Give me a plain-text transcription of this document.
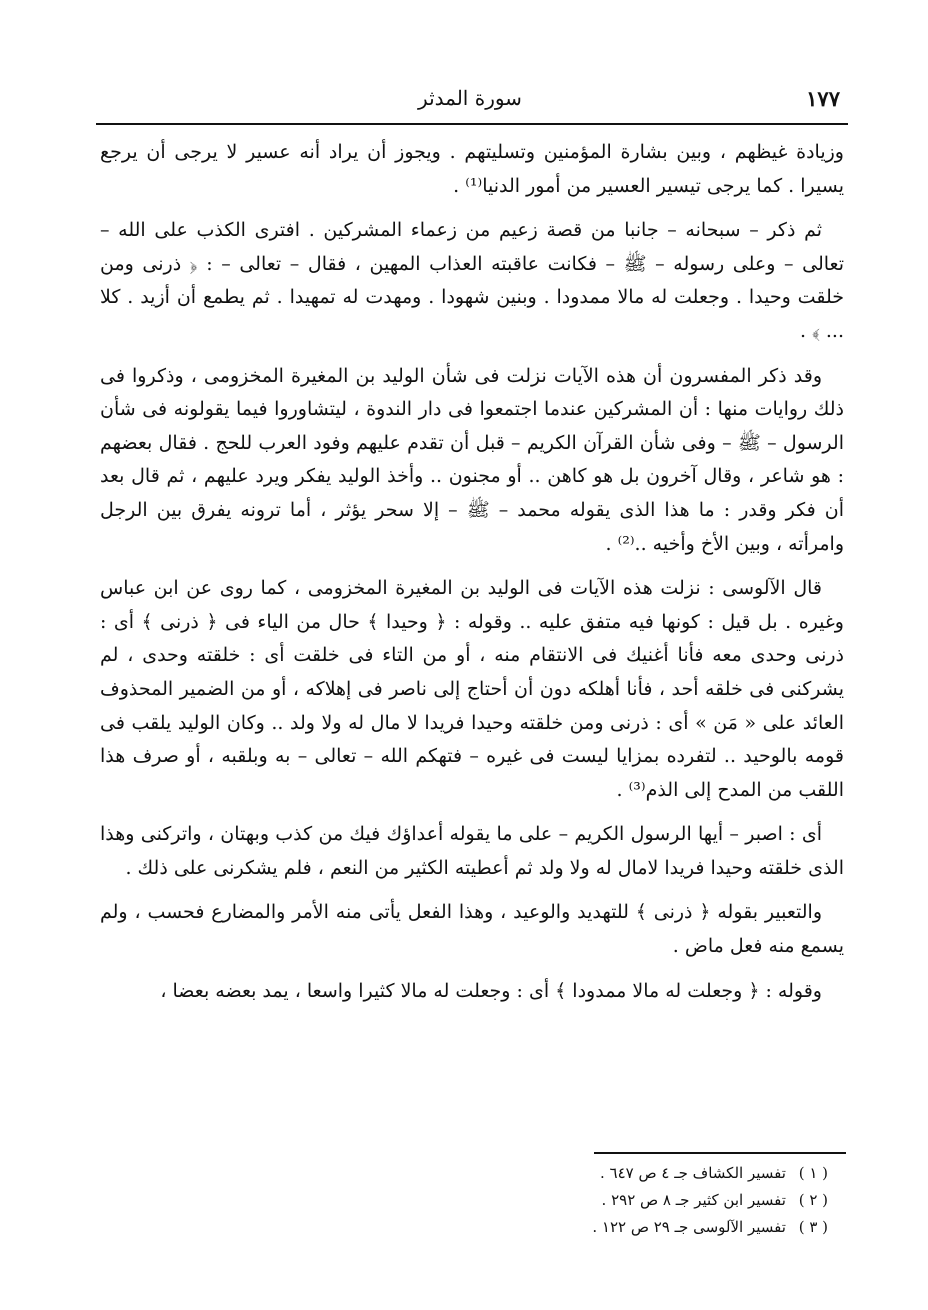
١٧٧
سورة المدثر

وزيادة غيظهم ، وبين بشارة المؤمنين وتسليتهم . ويجوز أن يراد أنه عسير لا يرجى أن يرجع يسيرا . كما يرجى تيسير العسير من أمور الدنيا⁽¹⁾ .

ثم ذكر – سبحانه – جانبا من قصة زعيم من زعماء المشركين . افترى الكذب على الله – تعالى – وعلى رسوله – ﷺ – فكانت عاقبته العذاب المهين ، فقال – تعالى – : ﴿ ذرنى ومن خلقت وحيدا . وجعلت له مالا ممدودا . وبنين شهودا . ومهدت له تمهيدا . ثم يطمع أن أزيد . كلا ... ﴾ .

وقد ذكر المفسرون أن هذه الآيات نزلت فى شأن الوليد بن المغيرة المخزومى ، وذكروا فى ذلك روايات منها : أن المشركين عندما اجتمعوا فى دار الندوة ، ليتشاوروا فيما يقولونه فى شأن الرسول – ﷺ – وفى شأن القرآن الكريم – قبل أن تقدم عليهم وفود العرب للحج . فقال بعضهم : هو شاعر ، وقال آخرون بل هو كاهن .. أو مجنون .. وأخذ الوليد يفكر ويرد عليهم ، ثم قال بعد أن فكر وقدر : ما هذا الذى يقوله محمد – ﷺ – إلا سحر يؤثر ، أما ترونه يفرق بين الرجل وامرأته ، وبين الأخ وأخيه ..⁽²⁾ .

قال الآلوسى : نزلت هذه الآيات فى الوليد بن المغيرة المخزومى ، كما روى عن ابن عباس وغيره . بل قيل : كونها فيه متفق عليه .. وقوله : ﴿ وحيدا ﴾ حال من الياء فى ﴿ ذرنى ﴾ أى : ذرنى وحدى معه فأنا أغنيك فى الانتقام منه ، أو من التاء فى خلقت أى : خلقته وحدى ، لم يشركنى فى خلقه أحد ، فأنا أهلكه دون أن أحتاج إلى ناصر فى إهلاكه ، أو من الضمير المحذوف العائد على « مَن » أى : ذرنى ومن خلقته وحيدا فريدا لا مال له ولا ولد .. وكان الوليد يلقب فى قومه بالوحيد .. لتفرده بمزايا ليست فى غيره – فتهكم الله – تعالى – به وبلقبه ، أو صرف هذا اللقب من المدح إلى الذم⁽³⁾ .

أى : اصبر – أيها الرسول الكريم – على ما يقوله أعداؤك فيك من كذب وبهتان ، واتركنى وهذا الذى خلقته وحيدا فريدا لامال له ولا ولد ثم أعطيته الكثير من النعم ، فلم يشكرنى على ذلك .

والتعبير بقوله ﴿ ذرنى ﴾ للتهديد والوعيد ، وهذا الفعل يأتى منه الأمر والمضارع فحسب ، ولم يسمع منه فعل ماض .

وقوله : ﴿ وجعلت له مالا ممدودا ﴾ أى : وجعلت له مالا كثيرا واسعا ، يمد بعضه بعضا ،

( ١ ) تفسير الكشاف جـ ٤ ص ٦٤٧ .

( ٢ ) تفسير ابن كثير جـ ٨ ص ٢٩٢ .

( ٣ ) تفسير الآلوسى جـ ٢٩ ص ١٢٢ .
